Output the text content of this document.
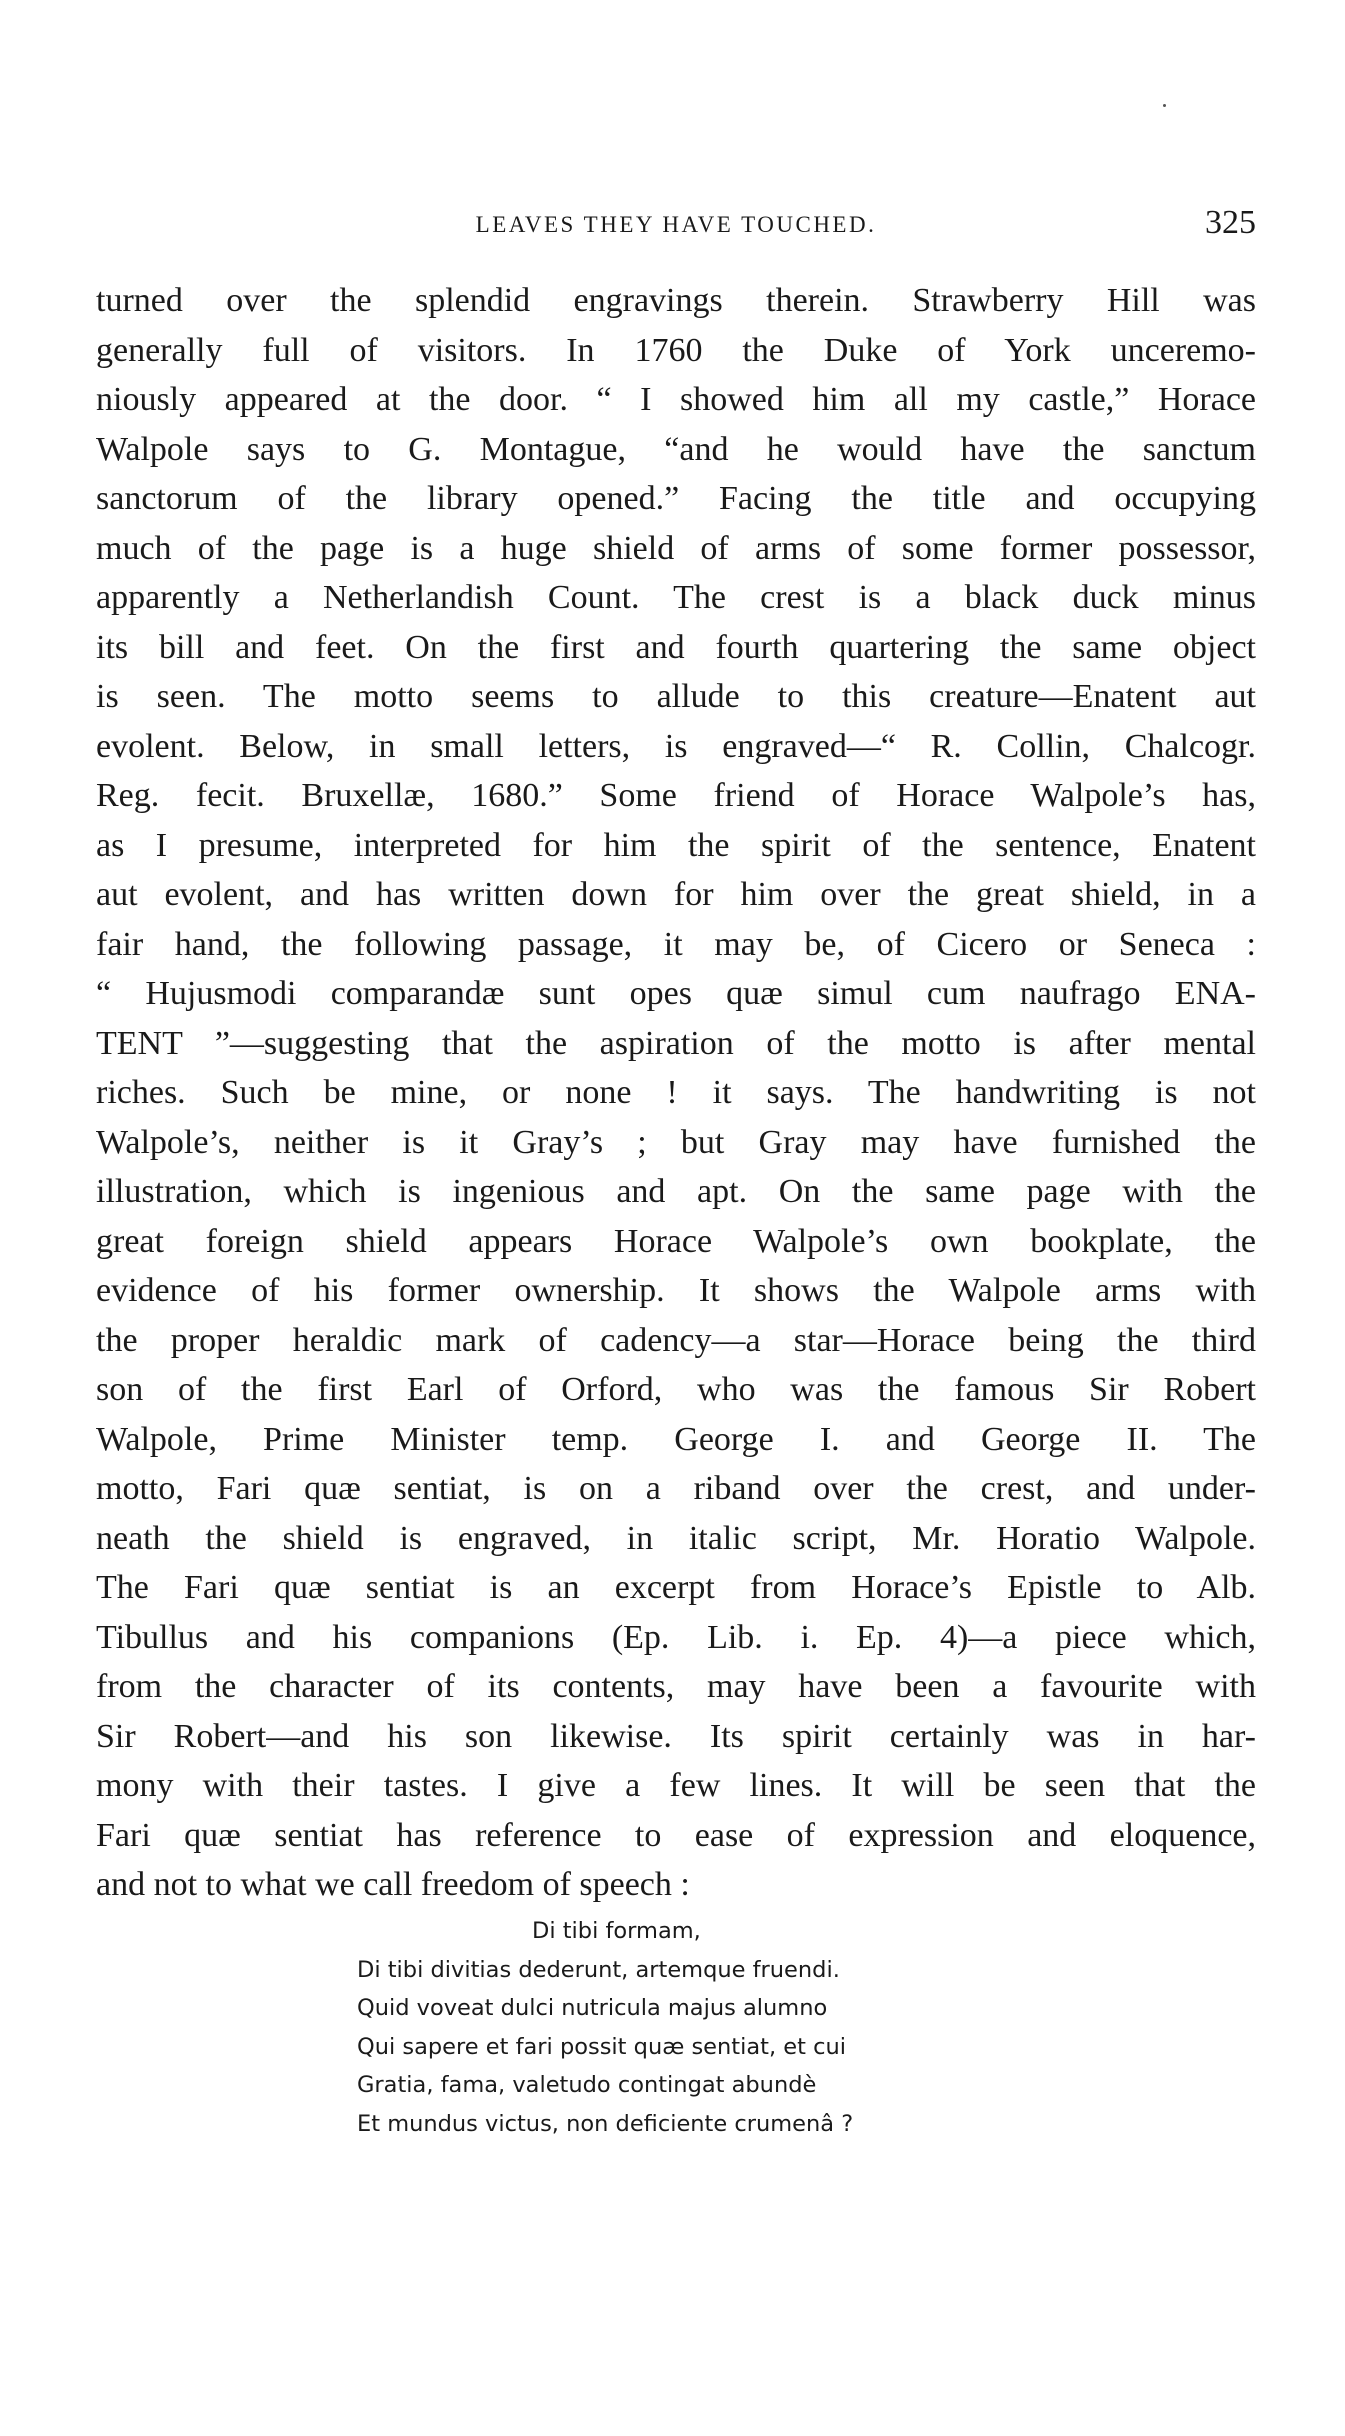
LEAVES THEY HAVE TOUCHED.	325
turned over the splendid engravings therein. Strawberry Hill was
generally full of visitors. In 1760 the Duke of York unceremo-
niously appeared at the door. “ I showed him all my castle,” Horace
Walpole says to G. Montague, “and he would have the sanctum
sanctorum of the library opened.” Facing the title and occupying
much of the page is a huge shield of arms of some former possessor,
apparently a Netherlandish Count. The crest is a black duck minus
its bill and feet. On the first and fourth quartering the same object
is seen. The motto seems to allude to this creature—Enatent aut
evolent. Below, in small letters, is engraved—“ R. Collin, Chalcogr.
Reg. fecit. Bruxellæ, 1680.” Some friend of Horace Walpole’s has,
as I presume, interpreted for him the spirit of the sentence, Enatent
aut evolent, and has written down for him over the great shield, in a
fair hand, the following passage, it may be, of Cicero or Seneca :
“ Hujusmodi comparandæ sunt opes quæ simul cum naufrago ENA-
TENT ”—suggesting that the aspiration of the motto is after mental
riches. Such be mine, or none ! it says. The handwriting is not
Walpole’s, neither is it Gray’s ; but Gray may have furnished the
illustration, which is ingenious and apt. On the same page with the
great foreign shield appears Horace Walpole’s own bookplate, the
evidence of his former ownership. It shows the Walpole arms with
the proper heraldic mark of cadency—a star—Horace being the third
son of the first Earl of Orford, who was the famous Sir Robert
Walpole, Prime Minister temp. George I. and George II. The
motto, Fari quæ sentiat, is on a riband over the crest, and under-
neath the shield is engraved, in italic script, Mr. Horatio Walpole.
The Fari quæ sentiat is an excerpt from Horace’s Epistle to Alb.
Tibullus and his companions (Ep. Lib. i. Ep. 4)—a piece which,
from the character of its contents, may have been a favourite with
Sir Robert—and his son likewise. Its spirit certainly was in har-
mony with their tastes. I give a few lines. It will be seen that the
Fari quæ sentiat has reference to ease of expression and eloquence,
and not to what we call freedom of speech :
Di tibi formam,
Di tibi divitias dederunt, artemque fruendi.
Quid voveat dulci nutricula majus alumno
Qui sapere et fari possit quæ sentiat, et cui
Gratia, fama, valetudo contingat abundè
Et mundus victus, non deficiente crumenâ ?
